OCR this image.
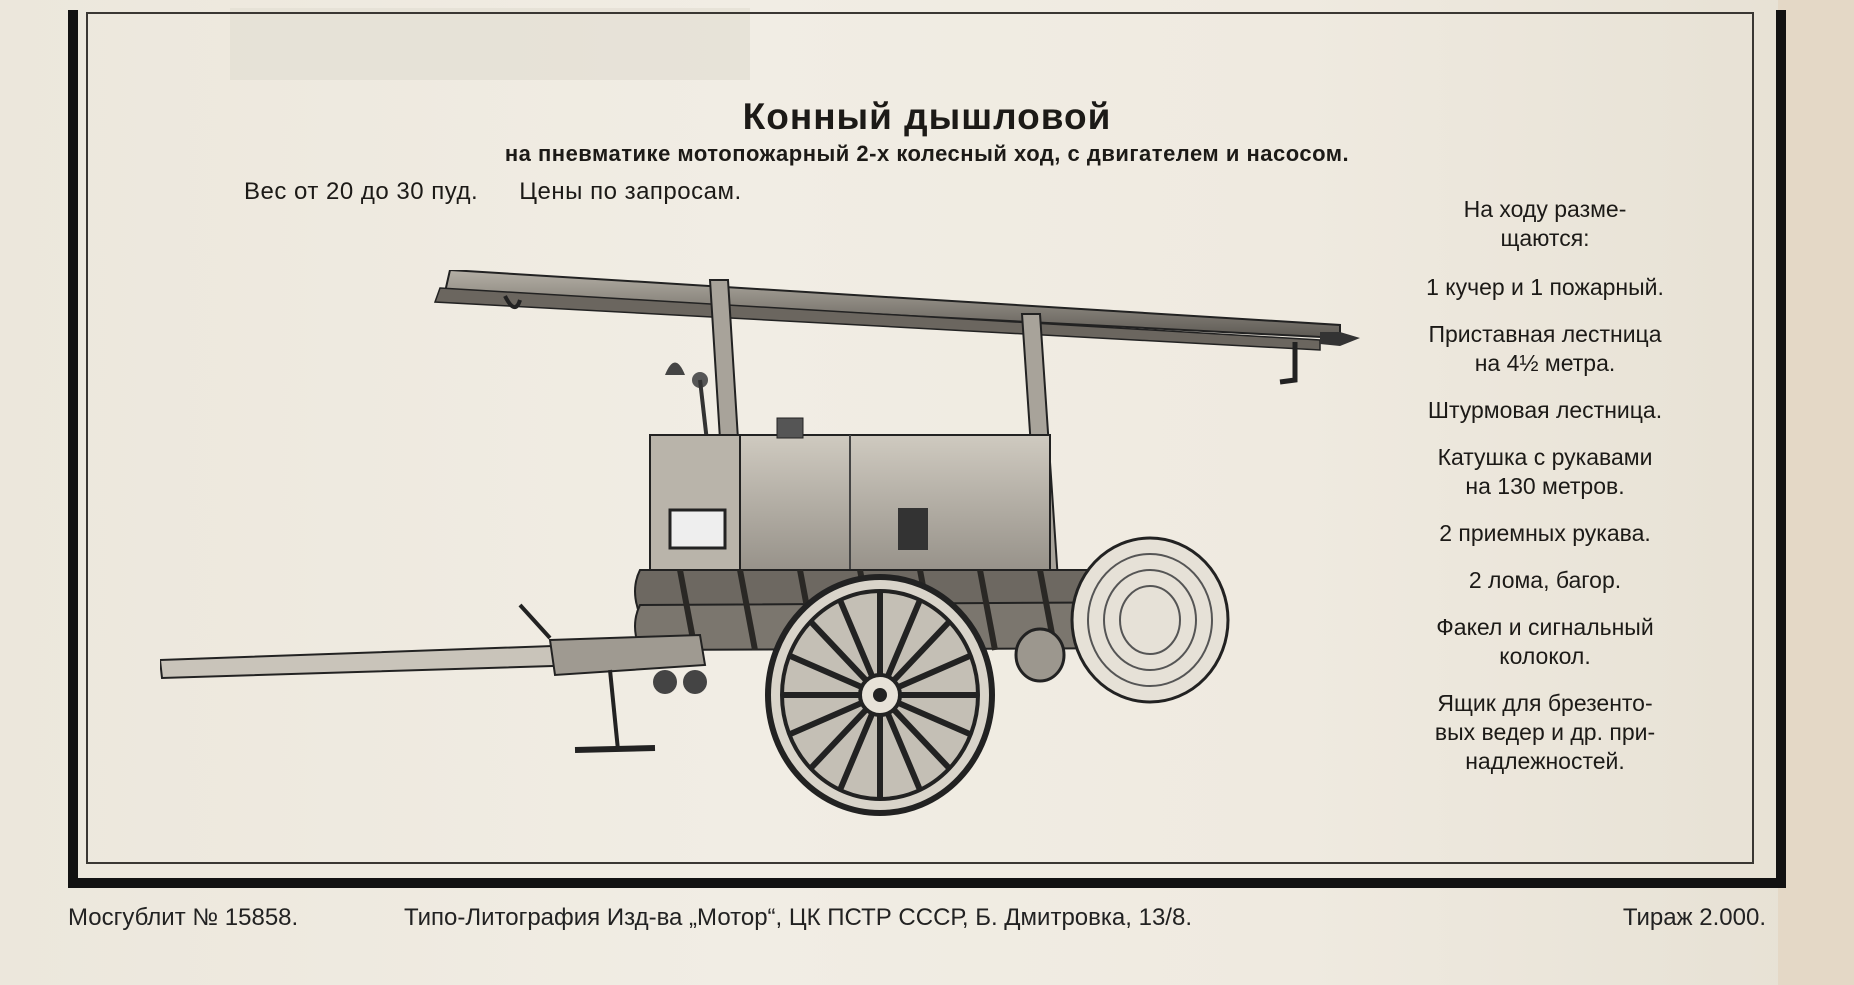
Конный дышловой
на пневматике мотопожарный 2-х колесный ход, с двигателем и насосом.
Вес от 20 до 30 пуд. Цены по запросам.
На ходу разме-
щаются:
1 кучер и 1 пожарный.
Приставная лестница
на 4½ метра.
Штурмовая лестница.
Катушка с рукавами
на 130 метров.
2 приемных рукава.
2 лома, багор.
Факел и сигнальный
колокол.
Ящик для брезенто-
вых ведер и др. при-
надлежностей.
Мосгублит № 15858.	Типо-Литография Изд-ва „Мотор“, ЦК ПСТР СССР, Б. Дмитровка, 13/8.	Тираж 2.000.
